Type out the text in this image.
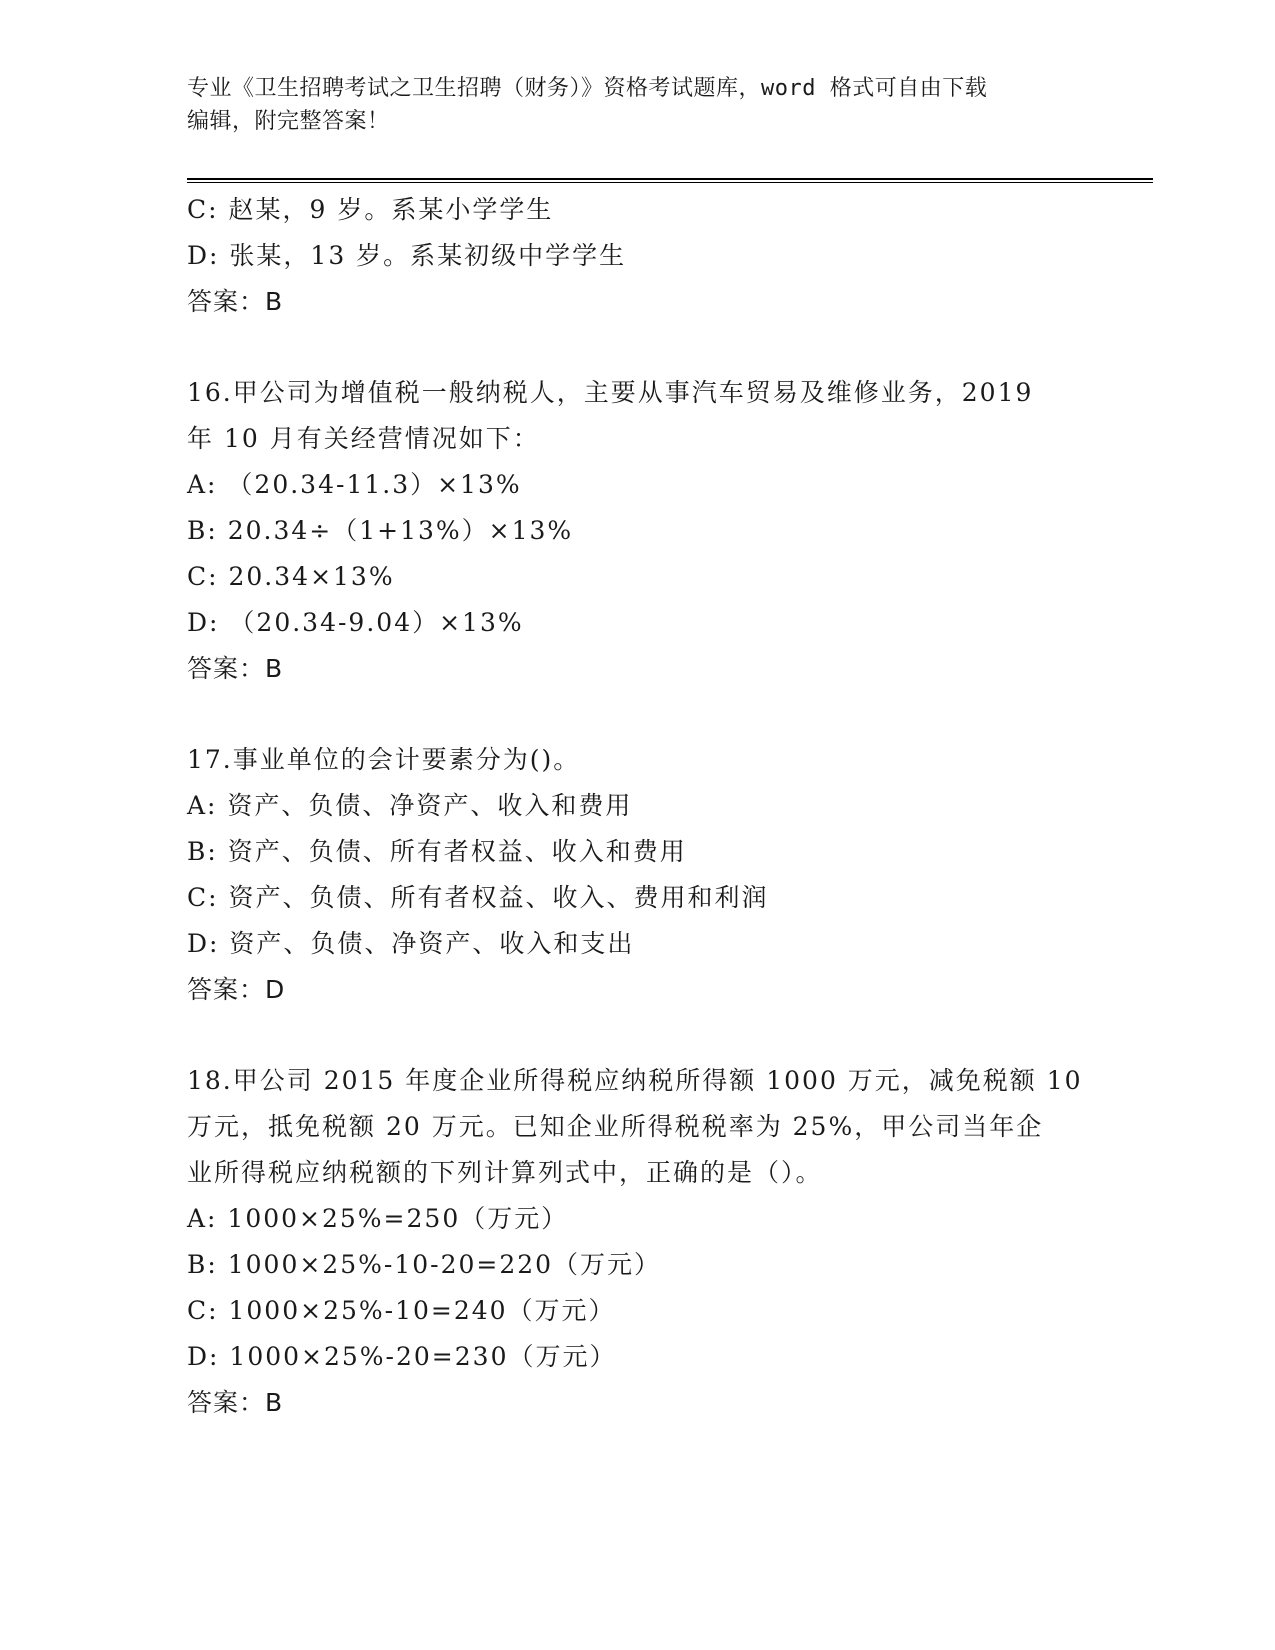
专业《卫生招聘考试之卫生招聘（财务）》资格考试题库，word 格式可自由下载
编辑，附完整答案！
C: 赵某，9 岁。系某小学学生
D: 张某，13 岁。系某初级中学学生
答案：B
16.甲公司为增值税一般纳税人，主要从事汽车贸易及维修业务，2019
年 10 月有关经营情况如下：
A: （20.34-11.3）×13%
B: 20.34÷（1+13%）×13%
C: 20.34×13%
D: （20.34-9.04）×13%
答案：B
17.事业单位的会计要素分为()。
A: 资产、负债、净资产、收入和费用
B: 资产、负债、所有者权益、收入和费用
C: 资产、负债、所有者权益、收入、费用和利润
D: 资产、负债、净资产、收入和支出
答案：D
18.甲公司 2015 年度企业所得税应纳税所得额 1000 万元，减免税额 10
万元，抵免税额 20 万元。已知企业所得税税率为 25%，甲公司当年企
业所得税应纳税额的下列计算列式中，正确的是（）。
A: 1000×25%=250（万元）
B: 1000×25%-10-20=220（万元）
C: 1000×25%-10=240（万元）
D: 1000×25%-20=230（万元）
答案：B
